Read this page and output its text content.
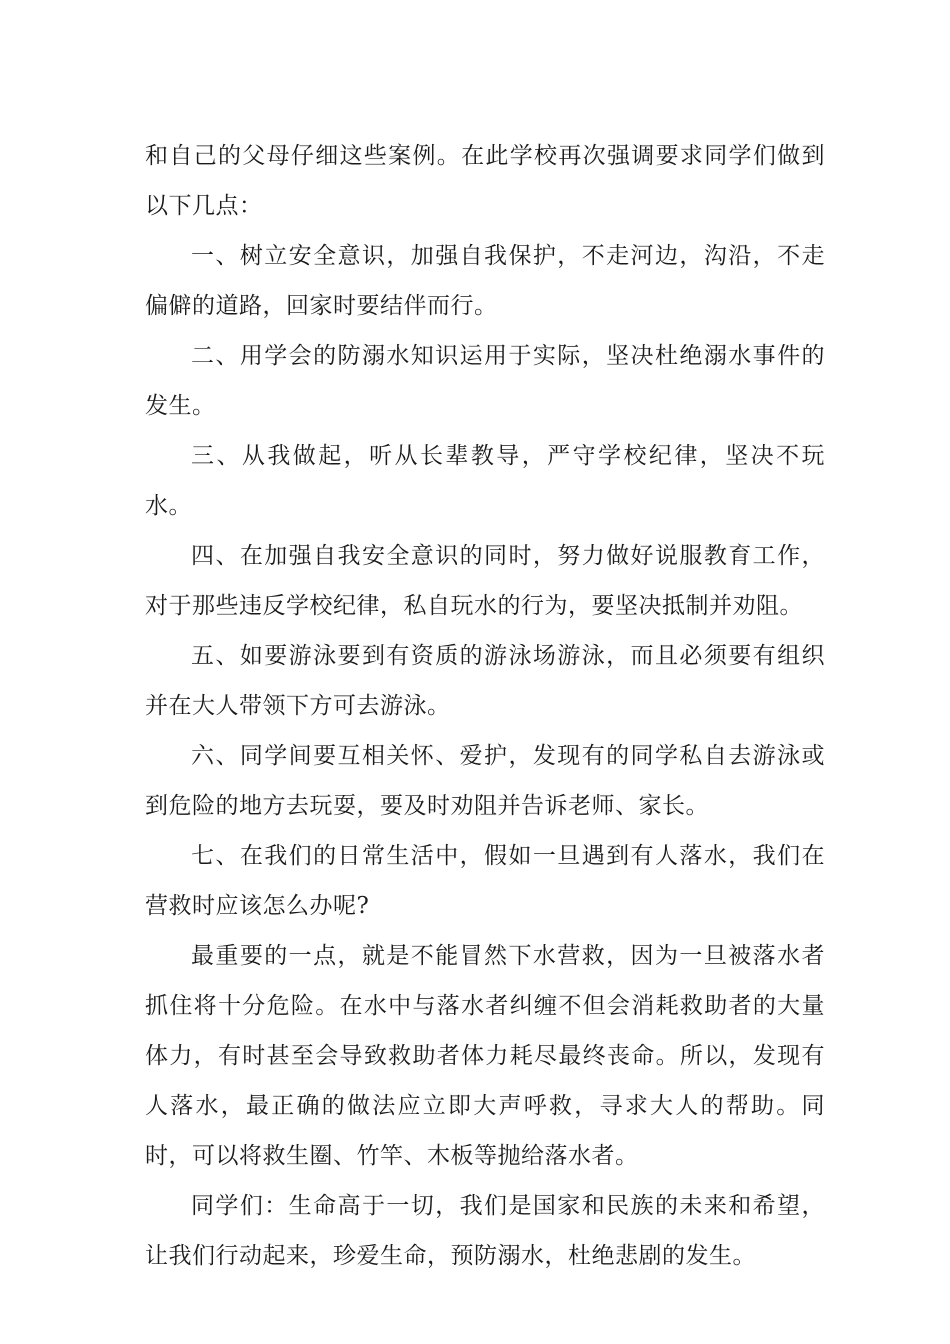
和自己的父母仔细这些案例。在此学校再次强调要求同学们做到以下几点：

一、树立安全意识，加强自我保护，不走河边，沟沿，不走偏僻的道路，回家时要结伴而行。

二、用学会的防溺水知识运用于实际，坚决杜绝溺水事件的发生。

三、从我做起，听从长辈教导，严守学校纪律，坚决不玩水。

四、在加强自我安全意识的同时，努力做好说服教育工作，对于那些违反学校纪律，私自玩水的行为，要坚决抵制并劝阻。

五、如要游泳要到有资质的游泳场游泳，而且必须要有组织并在大人带领下方可去游泳。

六、同学间要互相关怀、爱护，发现有的同学私自去游泳或到危险的地方去玩耍，要及时劝阻并告诉老师、家长。

七、在我们的日常生活中，假如一旦遇到有人落水，我们在营救时应该怎么办呢?

最重要的一点，就是不能冒然下水营救，因为一旦被落水者抓住将十分危险。在水中与落水者纠缠不但会消耗救助者的大量体力，有时甚至会导致救助者体力耗尽最终丧命。所以，发现有人落水，最正确的做法应立即大声呼救，寻求大人的帮助。同时，可以将救生圈、竹竿、木板等抛给落水者。

同学们：生命高于一切，我们是国家和民族的未来和希望，让我们行动起来，珍爱生命，预防溺水，杜绝悲剧的发生。
